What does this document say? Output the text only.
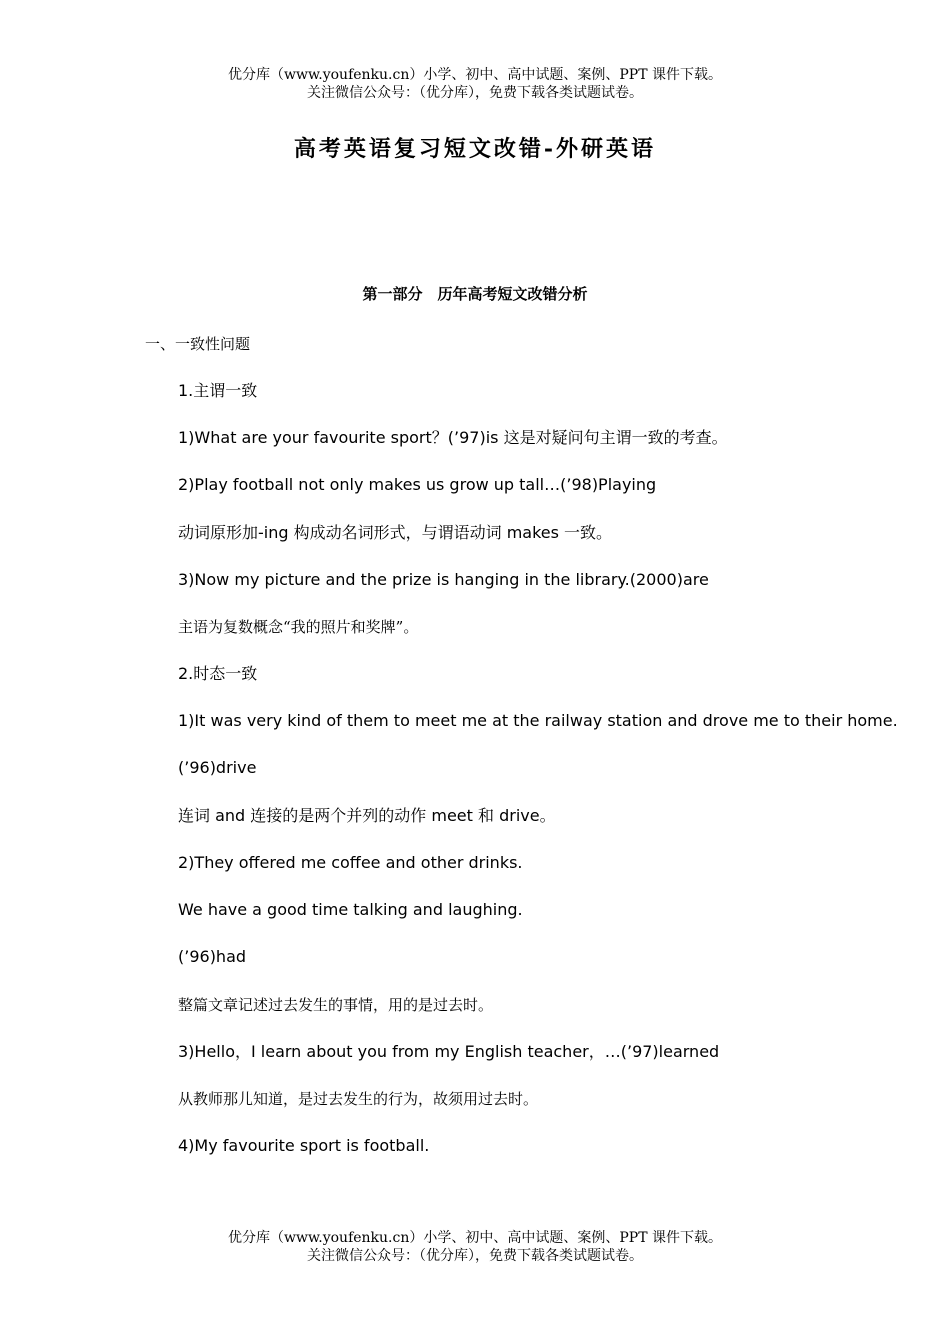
优分库（www.youfenku.cn）小学、初中、高中试题、案例、PPT 课件下载。
关注微信公众号：（优分库），免费下载各类试题试卷。
高考英语复习短文改错-外研英语
第一部分　历年高考短文改错分析
一、一致性问题
1.主谓一致
1)What are your favourite sport？(’97)is 这是对疑问句主谓一致的考查。
2)Play football not only makes us grow up tall…(’98)Playing
动词原形加-ing 构成动名词形式，与谓语动词 makes 一致。
3)Now my picture and the prize is hanging in the library.(2000)are
主语为复数概念“我的照片和奖牌”。
2.时态一致
1)It was very kind of them to meet me at the railway station and drove me to their home.
(’96)drive
连词 and 连接的是两个并列的动作 meet 和 drive。
2)They offered me coffee and other drinks.
We have a good time talking and laughing.
(’96)had
整篇文章记述过去发生的事情，用的是过去时。
3)Hello，I learn about you from my English teacher，…(’97)learned
从教师那儿知道，是过去发生的行为，故须用过去时。
4)My favourite sport is football.
优分库（www.youfenku.cn）小学、初中、高中试题、案例、PPT 课件下载。
关注微信公众号：（优分库），免费下载各类试题试卷。
